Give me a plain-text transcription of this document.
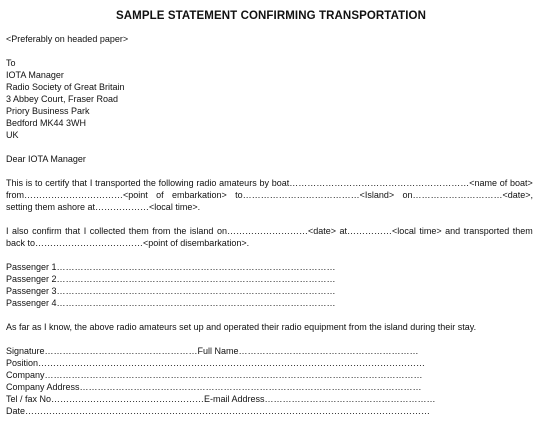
SAMPLE STATEMENT CONFIRMING TRANSPORTATION
<Preferably on headed paper>
To
IOTA Manager
Radio Society of Great Britain
3 Abbey Court, Fraser Road
Priory Business Park
Bedford MK44 3WH
UK
Dear IOTA Manager
This is to certify that I transported the following radio amateurs by boat……………………………………………………<name of boat>
from……………………………<point of embarkation> to…………………………………<Island> on…………………………<date>,
setting them ashore at………………<local time>.
I also confirm that I collected them from the island on………………………<date> at……………<local time> and transported them
back to………………………………<point of disembarkation>.
Passenger 1…………………………………………………………………………………
Passenger 2…………………………………………………………………………………
Passenger 3…………………………………………………………………………………
Passenger 4…………………………………………………………………………………
As far as I know, the above radio amateurs set up and operated their radio equipment from the island during their stay.
Signature……………………………………………Full Name……………………………………………………
Position…………………………………………………………………………………………………………………
Company………………………………………………………………………………………………………………
Company Address……………………………………………………………………………………………………
Tel / fax No……………………………………………E-mail Address…………………………………………………
Date………………………………………………………………………………………………………………………
